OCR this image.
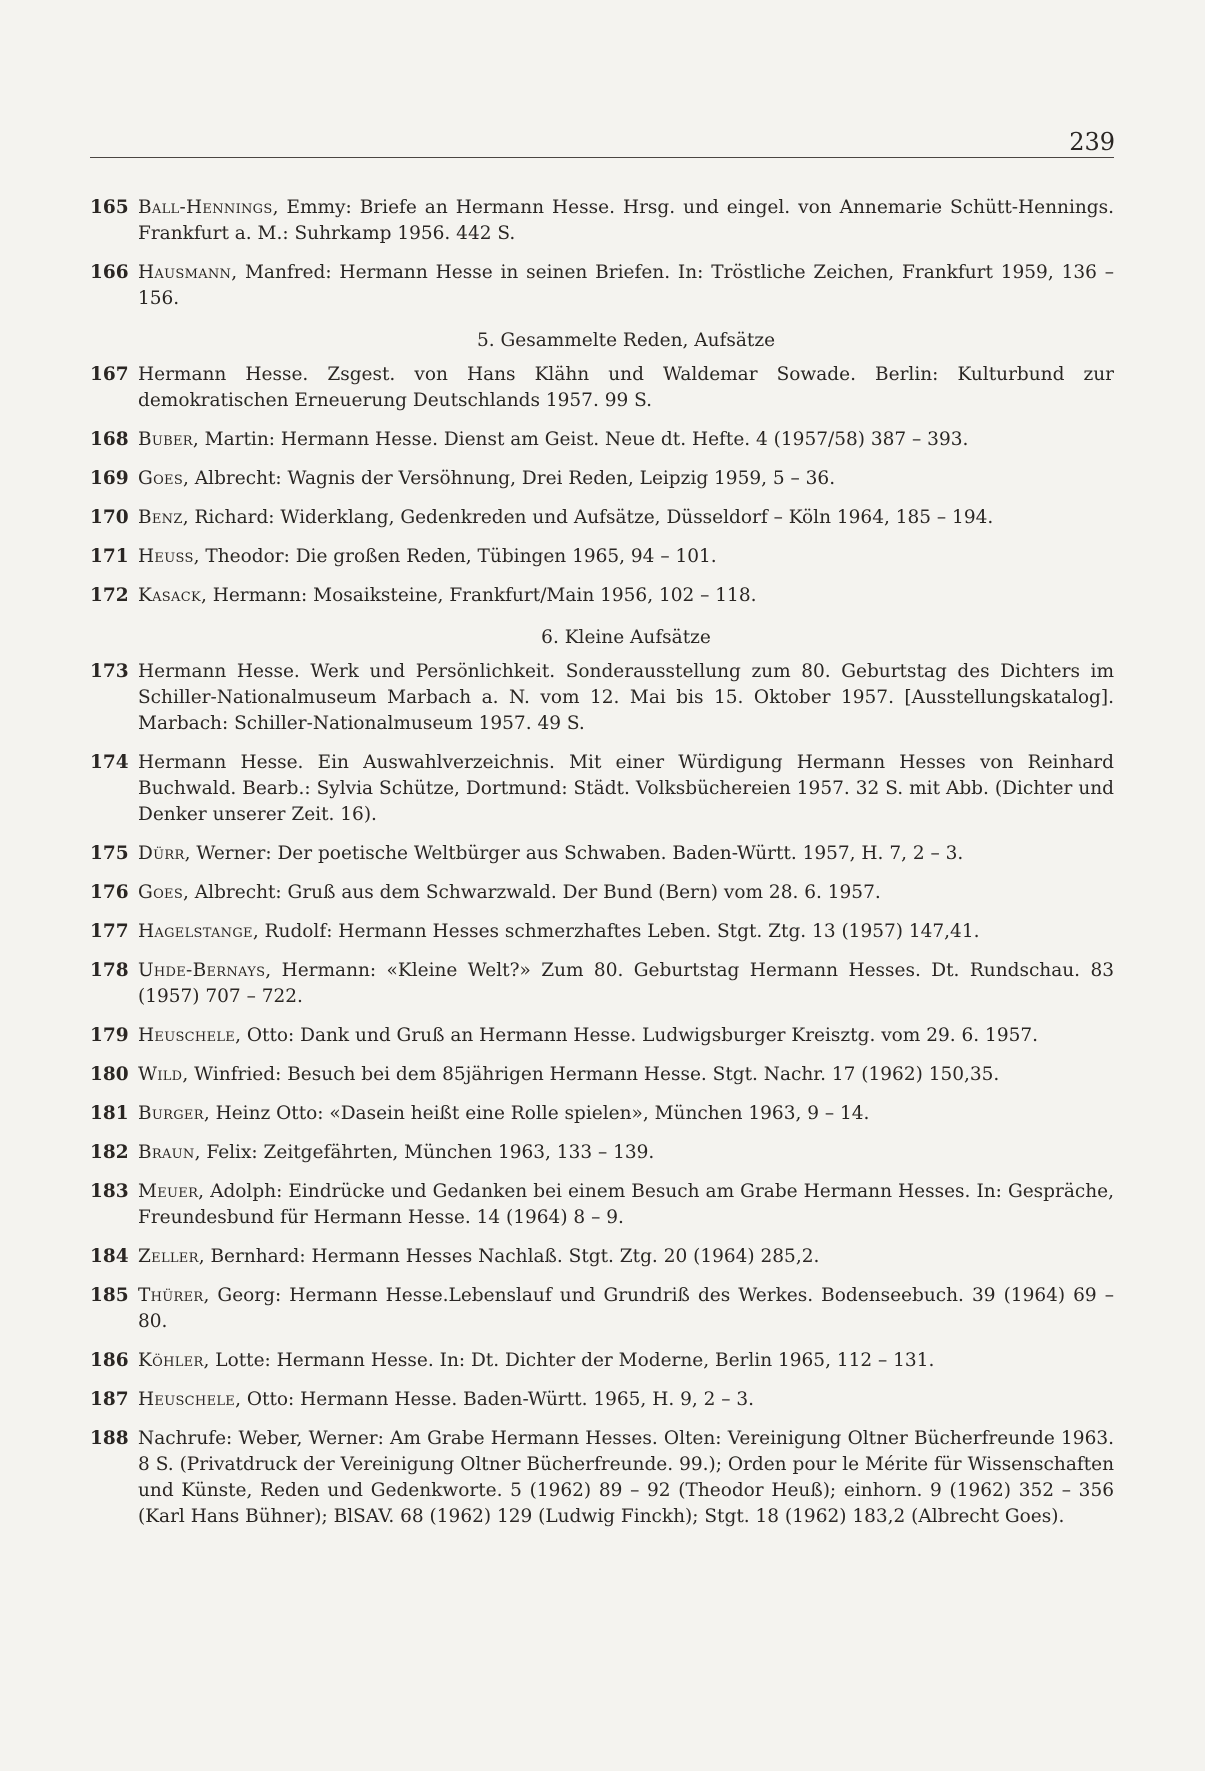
239
165 Ball-Hennings, Emmy: Briefe an Hermann Hesse. Hrsg. und eingel. von Annemarie Schütt-Hennings. Frankfurt a. M.: Suhrkamp 1956. 442 S.
166 Hausmann, Manfred: Hermann Hesse in seinen Briefen. In: Tröstliche Zeichen, Frankfurt 1959, 136 – 156.
5. Gesammelte Reden, Aufsätze
167 Hermann Hesse. Zsgest. von Hans Klähn und Waldemar Sowade. Berlin: Kulturbund zur demokratischen Erneuerung Deutschlands 1957. 99 S.
168 Buber, Martin: Hermann Hesse. Dienst am Geist. Neue dt. Hefte. 4 (1957/58) 387 – 393.
169 Goes, Albrecht: Wagnis der Versöhnung, Drei Reden, Leipzig 1959, 5 – 36.
170 Benz, Richard: Widerklang, Gedenkreden und Aufsätze, Düsseldorf – Köln 1964, 185 – 194.
171 Heuss, Theodor: Die großen Reden, Tübingen 1965, 94 – 101.
172 Kasack, Hermann: Mosaiksteine, Frankfurt/Main 1956, 102 – 118.
6. Kleine Aufsätze
173 Hermann Hesse. Werk und Persönlichkeit. Sonderausstellung zum 80. Geburtstag des Dichters im Schiller-Nationalmuseum Marbach a. N. vom 12. Mai bis 15. Oktober 1957. [Ausstellungskatalog]. Marbach: Schiller-Nationalmuseum 1957. 49 S.
174 Hermann Hesse. Ein Auswahlverzeichnis. Mit einer Würdigung Hermann Hesses von Reinhard Buchwald. Bearb.: Sylvia Schütze, Dortmund: Städt. Volksbüchereien 1957. 32 S. mit Abb. (Dichter und Denker unserer Zeit. 16).
175 Dürr, Werner: Der poetische Weltbürger aus Schwaben. Baden-Württ. 1957, H. 7, 2 – 3.
176 Goes, Albrecht: Gruß aus dem Schwarzwald. Der Bund (Bern) vom 28. 6. 1957.
177 Hagelstange, Rudolf: Hermann Hesses schmerzhaftes Leben. Stgt. Ztg. 13 (1957) 147,41.
178 Uhde-Bernays, Hermann: «Kleine Welt?» Zum 80. Geburtstag Hermann Hesses. Dt. Rundschau. 83 (1957) 707 – 722.
179 Heuschele, Otto: Dank und Gruß an Hermann Hesse. Ludwigsburger Kreisztg. vom 29. 6. 1957.
180 Wild, Winfried: Besuch bei dem 85jährigen Hermann Hesse. Stgt. Nachr. 17 (1962) 150,35.
181 Burger, Heinz Otto: «Dasein heißt eine Rolle spielen», München 1963, 9 – 14.
182 Braun, Felix: Zeitgefährten, München 1963, 133 – 139.
183 Meuer, Adolph: Eindrücke und Gedanken bei einem Besuch am Grabe Hermann Hesses. In: Gespräche, Freundesbund für Hermann Hesse. 14 (1964) 8 – 9.
184 Zeller, Bernhard: Hermann Hesses Nachlaß. Stgt. Ztg. 20 (1964) 285,2.
185 Thürer, Georg: Hermann Hesse.Lebenslauf und Grundriß des Werkes. Bodenseebuch. 39 (1964) 69 – 80.
186 Köhler, Lotte: Hermann Hesse. In: Dt. Dichter der Moderne, Berlin 1965, 112 – 131.
187 Heuschele, Otto: Hermann Hesse. Baden-Württ. 1965, H. 9, 2 – 3.
188 Nachrufe: Weber, Werner: Am Grabe Hermann Hesses. Olten: Vereinigung Oltner Bücherfreunde 1963. 8 S. (Privatdruck der Vereinigung Oltner Bücherfreunde. 99.); Orden pour le Mérite für Wissenschaften und Künste, Reden und Gedenkworte. 5 (1962) 89 – 92 (Theodor Heuß); einhorn. 9 (1962) 352 – 356 (Karl Hans Bühner); BlSAV. 68 (1962) 129 (Ludwig Finckh); Stgt. 18 (1962) 183,2 (Albrecht Goes).
